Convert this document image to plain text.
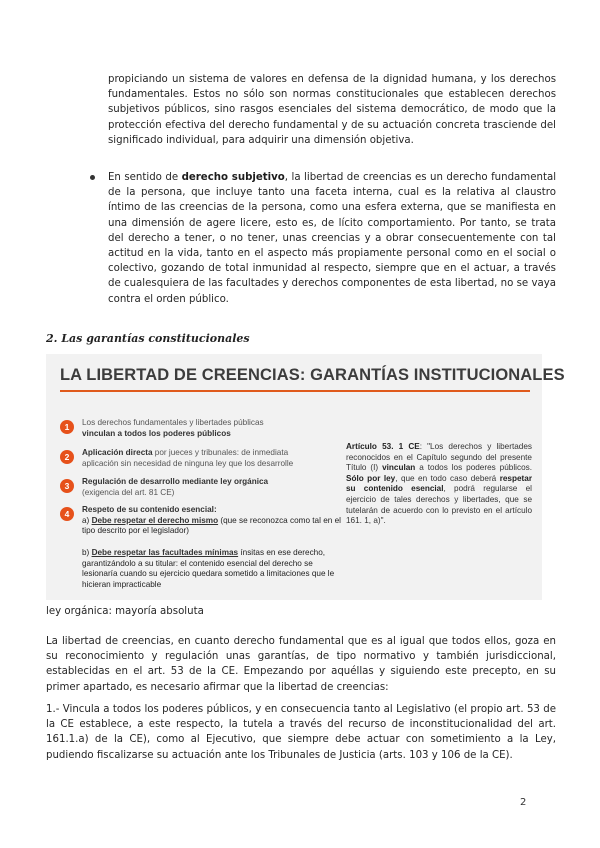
propiciando un sistema de valores en defensa de la dignidad humana, y los derechos fundamentales. Estos no sólo son normas constitucionales que establecen derechos subjetivos públicos, sino rasgos esenciales del sistema democrático, de modo que la protección efectiva del derecho fundamental y de su actuación concreta trasciende del significado individual, para adquirir una dimensión objetiva.

En sentido de derecho subjetivo, la libertad de creencias es un derecho fundamental de la persona, que incluye tanto una faceta interna, cual es la relativa al claustro íntimo de las creencias de la persona, como una esfera externa, que se manifiesta en una dimensión de agere licere, esto es, de lícito comportamiento. Por tanto, se trata del derecho a tener, o no tener, unas creencias y a obrar consecuentemente con tal actitud en la vida, tanto en el aspecto más propiamente personal como en el social o colectivo, gozando de total inmunidad al respecto, siempre que en el actuar, a través de cualesquiera de las facultades y derechos componentes de esta libertad, no se vaya contra el orden público.

2. Las garantías constitucionales
LA LIBERTAD DE CREENCIAS: GARANTÍAS INSTITUCIONALES
1	Los derechos fundamentales y libertades públicas
vinculan a todos los poderes públicos

2	Aplicación directa por jueces y tribunales: de inmediata
aplicación sin necesidad de ninguna ley que los desarrolle

3	Regulación de desarrollo mediante ley orgánica
(exigencia del art. 81 CE)

4	Respeto de su contenido esencial:
a) Debe respetar el derecho mismo (que se reconozca como tal en el tipo descrito por el legislador)

b) Debe respetar las facultades mínimas ínsitas en ese derecho, garantizándolo a su titular: el contenido esencial del derecho se lesionaría cuando su ejercicio quedara sometido a limitaciones que le hicieran impracticable

Artículo 53. 1 CE: "Los derechos y libertades reconocidos en el Capítulo segundo del presente Título (I) vinculan a todos los poderes públicos. Sólo por ley, que en todo caso deberá respetar su contenido esencial, podrá regularse el ejercicio de tales derechos y libertades, que se tutelarán de acuerdo con lo previsto en el artículo 161. 1, a)".

ley orgánica: mayoría absoluta

La libertad de creencias, en cuanto derecho fundamental que es al igual que todos ellos, goza en su reconocimiento y regulación unas garantías, de tipo normativo y también jurisdiccional, establecidas en el art. 53 de la CE. Empezando por aquéllas y siguiendo este precepto, en su primer apartado, es necesario afirmar que la libertad de creencias:

1.- Vincula a todos los poderes públicos, y en consecuencia tanto al Legislativo (el propio art. 53 de la CE establece, a este respecto, la tutela a través del recurso de inconstitucionalidad del art. 161.1.a) de la CE), como al Ejecutivo, que siempre debe actuar con sometimiento a la Ley, pudiendo fiscalizarse su actuación ante los Tribunales de Justicia (arts. 103 y 106 de la CE).

2
